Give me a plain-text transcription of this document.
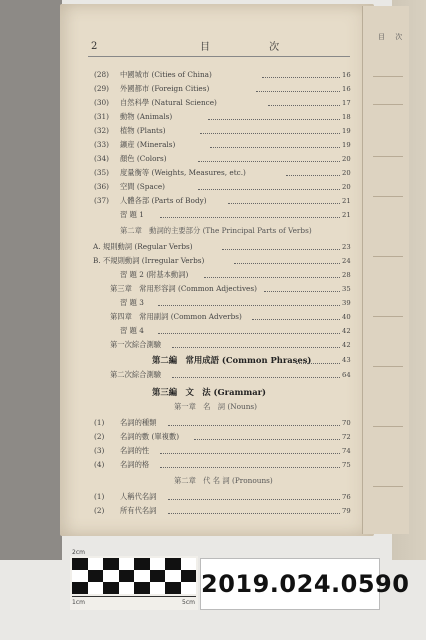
目 次
2	目 次
(28) 中國城市 (Cities of China)	16
(29) 外國都市 (Foreign Cities)	16
(30) 自然科學 (Natural Science)	17
(31) 動物 (Animals)	18
(32) 植物 (Plants)	19
(33) 鑛産 (Minerals)	19
(34) 顏色 (Colors)	20
(35) 度量衡等 (Weights, Measures, etc.)	20
(36) 空間 (Space)	20
(37) 人體各部 (Parts of Body)	21
習 題 1	21
第二章　動詞的主要部分 (The Principal Parts of Verbs)
A. 規則動詞 (Regular Verbs)	23
B. 不規則動詞 (Irregular Verbs)	24
習 題 2 (附基本動詞)	28
第三章　常用形容詞 (Common Adjectives)	35
習 題 3	39
第四章　常用副詞 (Common Adverbs)	40
習 題 4	42
第一次綜合測驗	42
第二編　常用成語 (Common Phrases)	43
第二次綜合測驗	64
第三編　文　法 (Grammar)
第一章　名　詞 (Nouns)
(1) 名詞的種類	70
(2) 名詞的數 (單複數)	72
(3) 名詞的性	74
(4) 名詞的格	75
第二章　代 名 詞 (Pronouns)
(1) 人稱代名詞	76
(2) 所有代名詞	79
2cm
1cm	5cm
2019.024.0590
